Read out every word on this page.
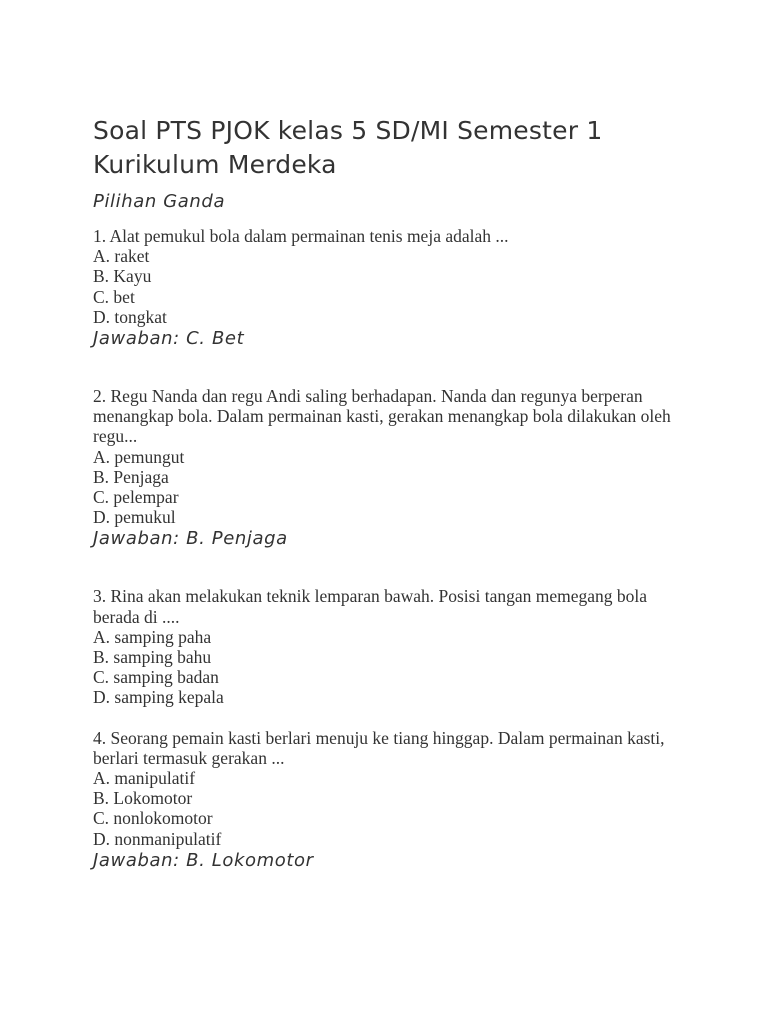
Soal PTS PJOK kelas 5 SD/MI Semester 1 Kurikulum Merdeka
Pilihan Ganda

1. Alat pemukul bola dalam permainan tenis meja adalah ...

A. raket

B. Kayu

C. bet

D. tongkat

Jawaban: C. Bet

2. Regu Nanda dan regu Andi saling berhadapan. Nanda dan regunya berperan menangkap bola. Dalam permainan kasti, gerakan menangkap bola dilakukan oleh regu...

A. pemungut

B. Penjaga

C. pelempar

D. pemukul

Jawaban: B. Penjaga

3. Rina akan melakukan teknik lemparan bawah. Posisi tangan memegang bola berada di ....

A. samping paha

B. samping bahu

C. samping badan

D. samping kepala

4. Seorang pemain kasti berlari menuju ke tiang hinggap. Dalam permainan kasti, berlari termasuk gerakan ...

A. manipulatif

B. Lokomotor

C. nonlokomotor

D. nonmanipulatif

Jawaban: B. Lokomotor
